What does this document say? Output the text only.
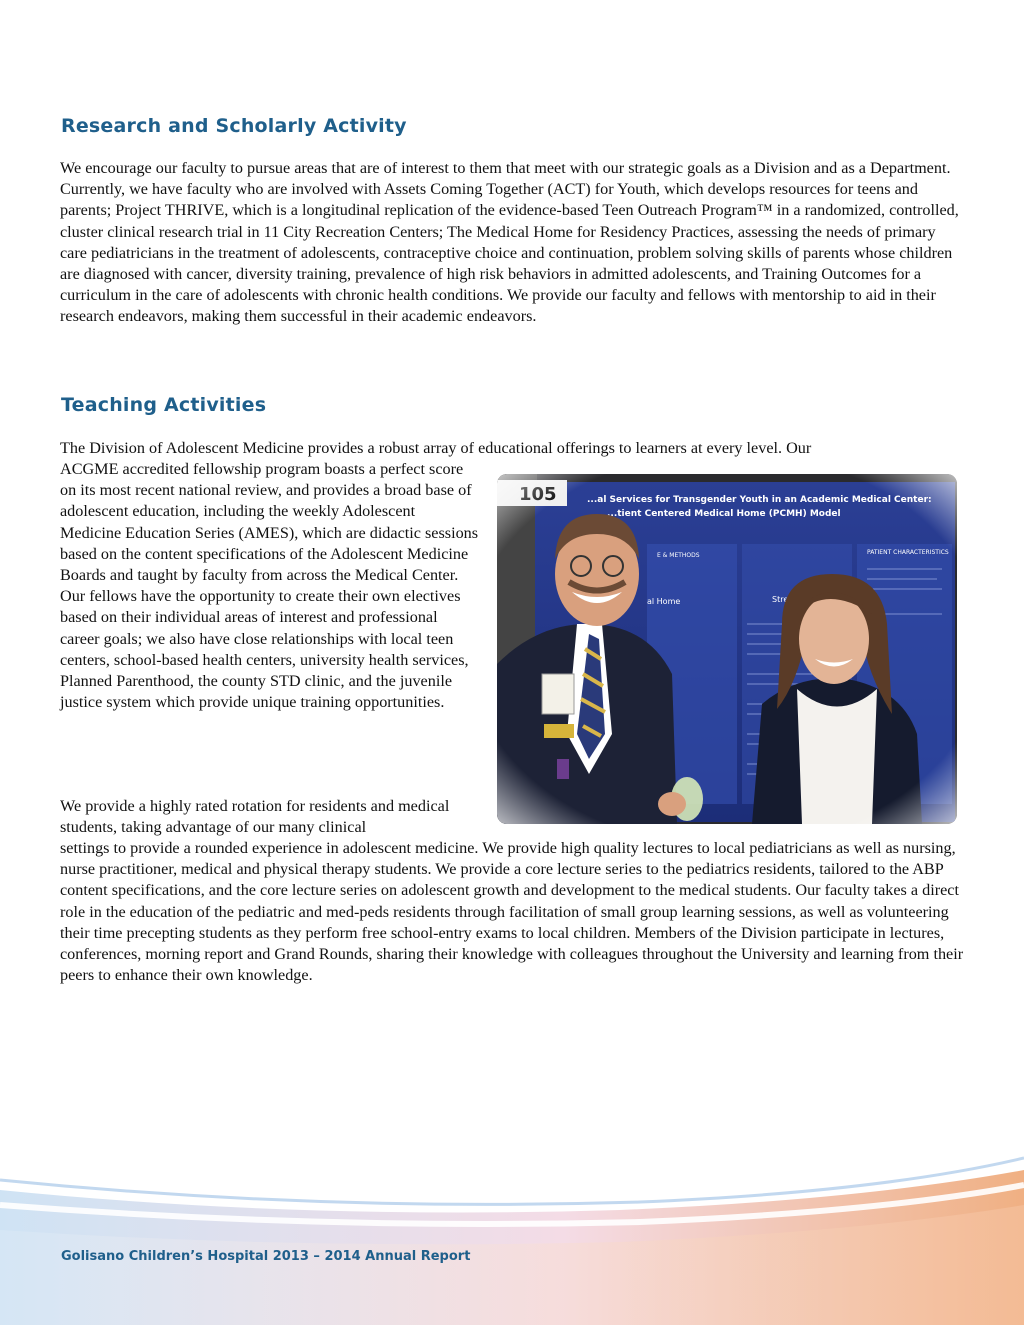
Research and Scholarly Activity

We encourage our faculty to pursue areas that are of interest to them that meet with our strategic goals as a Division and as a Department. Currently, we have faculty who are involved with Assets Coming Together (ACT) for Youth, which develops resources for teens and parents; Project THRIVE, which is a longitudinal replication of the evidence-based Teen Outreach Program™ in a randomized, controlled, cluster clinical research trial in 11 City Recreation Centers; The Medical Home for Residency Practices, assessing the needs of primary care pediatricians in the treatment of adolescents, contraceptive choice and continuation, problem solving skills of parents whose children are diagnosed with cancer, diversity training, prevalence of high risk behaviors in admitted adolescents, and Training Outcomes for a curriculum in the care of adolescents with chronic health conditions. We provide our faculty and fellows with mentorship to aid in their research endeavors, making them successful in their academic endeavors.

Teaching Activities

The Division of Adolescent Medicine provides a robust array of educational offerings to learners at every level. Our

ACGME accredited fellowship program boasts a perfect score on its most recent national review, and provides a broad base of adolescent education, including the weekly Adolescent Medicine Education Series (AMES), which are didactic sessions based on the content specifications of the Adolescent Medicine Boards and taught by faculty from across the Medical Center. Our fellows have the opportunity to create their own electives based on their individual areas of interest and professional career goals; we also have close relationships with local teen centers, school-based health centers, university health services, Planned Parenthood, the county STD clinic, and the juvenile justice system which provide unique training opportunities.

We provide a highly rated rotation for residents and medical students, taking advantage of our many clinical

settings to provide a rounded experience in adolescent medicine. We provide high quality lectures to local pediatricians as well as nursing, nurse practitioner, medical and physical therapy students. We provide a core lecture series to the pediatrics residents, tailored to the ABP content specifications, and the core lecture series on adolescent growth and development to the medical students. Our faculty takes a direct role in the education of the pediatric and med-peds residents through facilitation of small group learning sessions, as well as volunteering their time precepting students as they perform free school-entry exams to local children. Members of the Division participate in lectures, conferences, morning report and Grand Rounds, sharing their knowledge with colleagues throughout the University and learning from their peers to enhance their own knowledge.

Golisano Children’s Hospital 2013 – 2014 Annual Report
